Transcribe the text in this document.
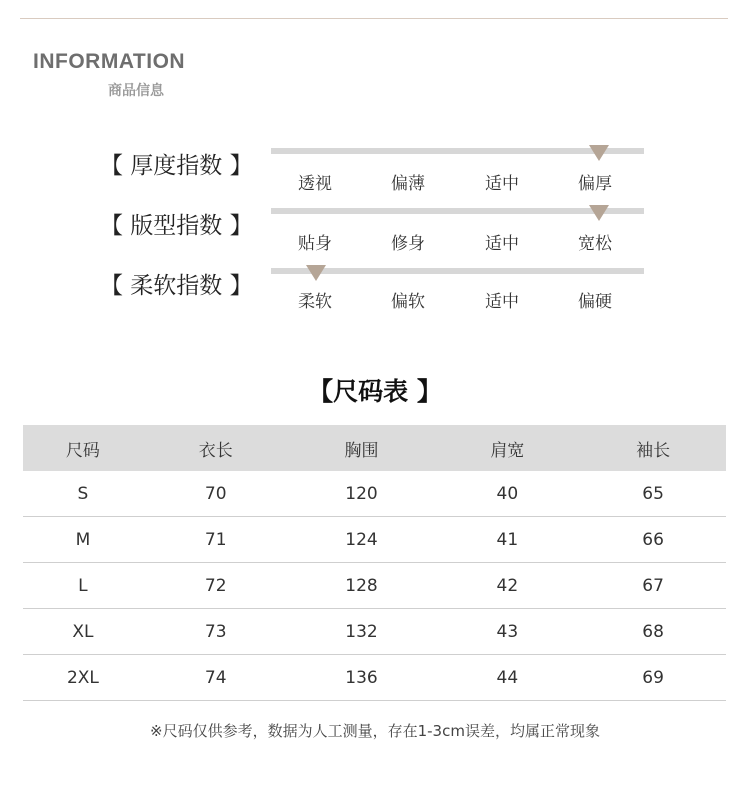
INFORMATION
商品信息
【 厚度指数 】
透视	偏薄	适中	偏厚
【 版型指数 】
贴身	修身	适中	宽松
【 柔软指数 】
柔软	偏软	适中	偏硬
【尺码表 】
尺码	衣长	胸围	肩宽	袖长
S	70	120	40	65
M	71	124	41	66
L	72	128	42	67
XL	73	132	43	68
2XL	74	136	44	69
※尺码仅供参考，数据为人工测量，存在1-3cm误差，均属正常现象
